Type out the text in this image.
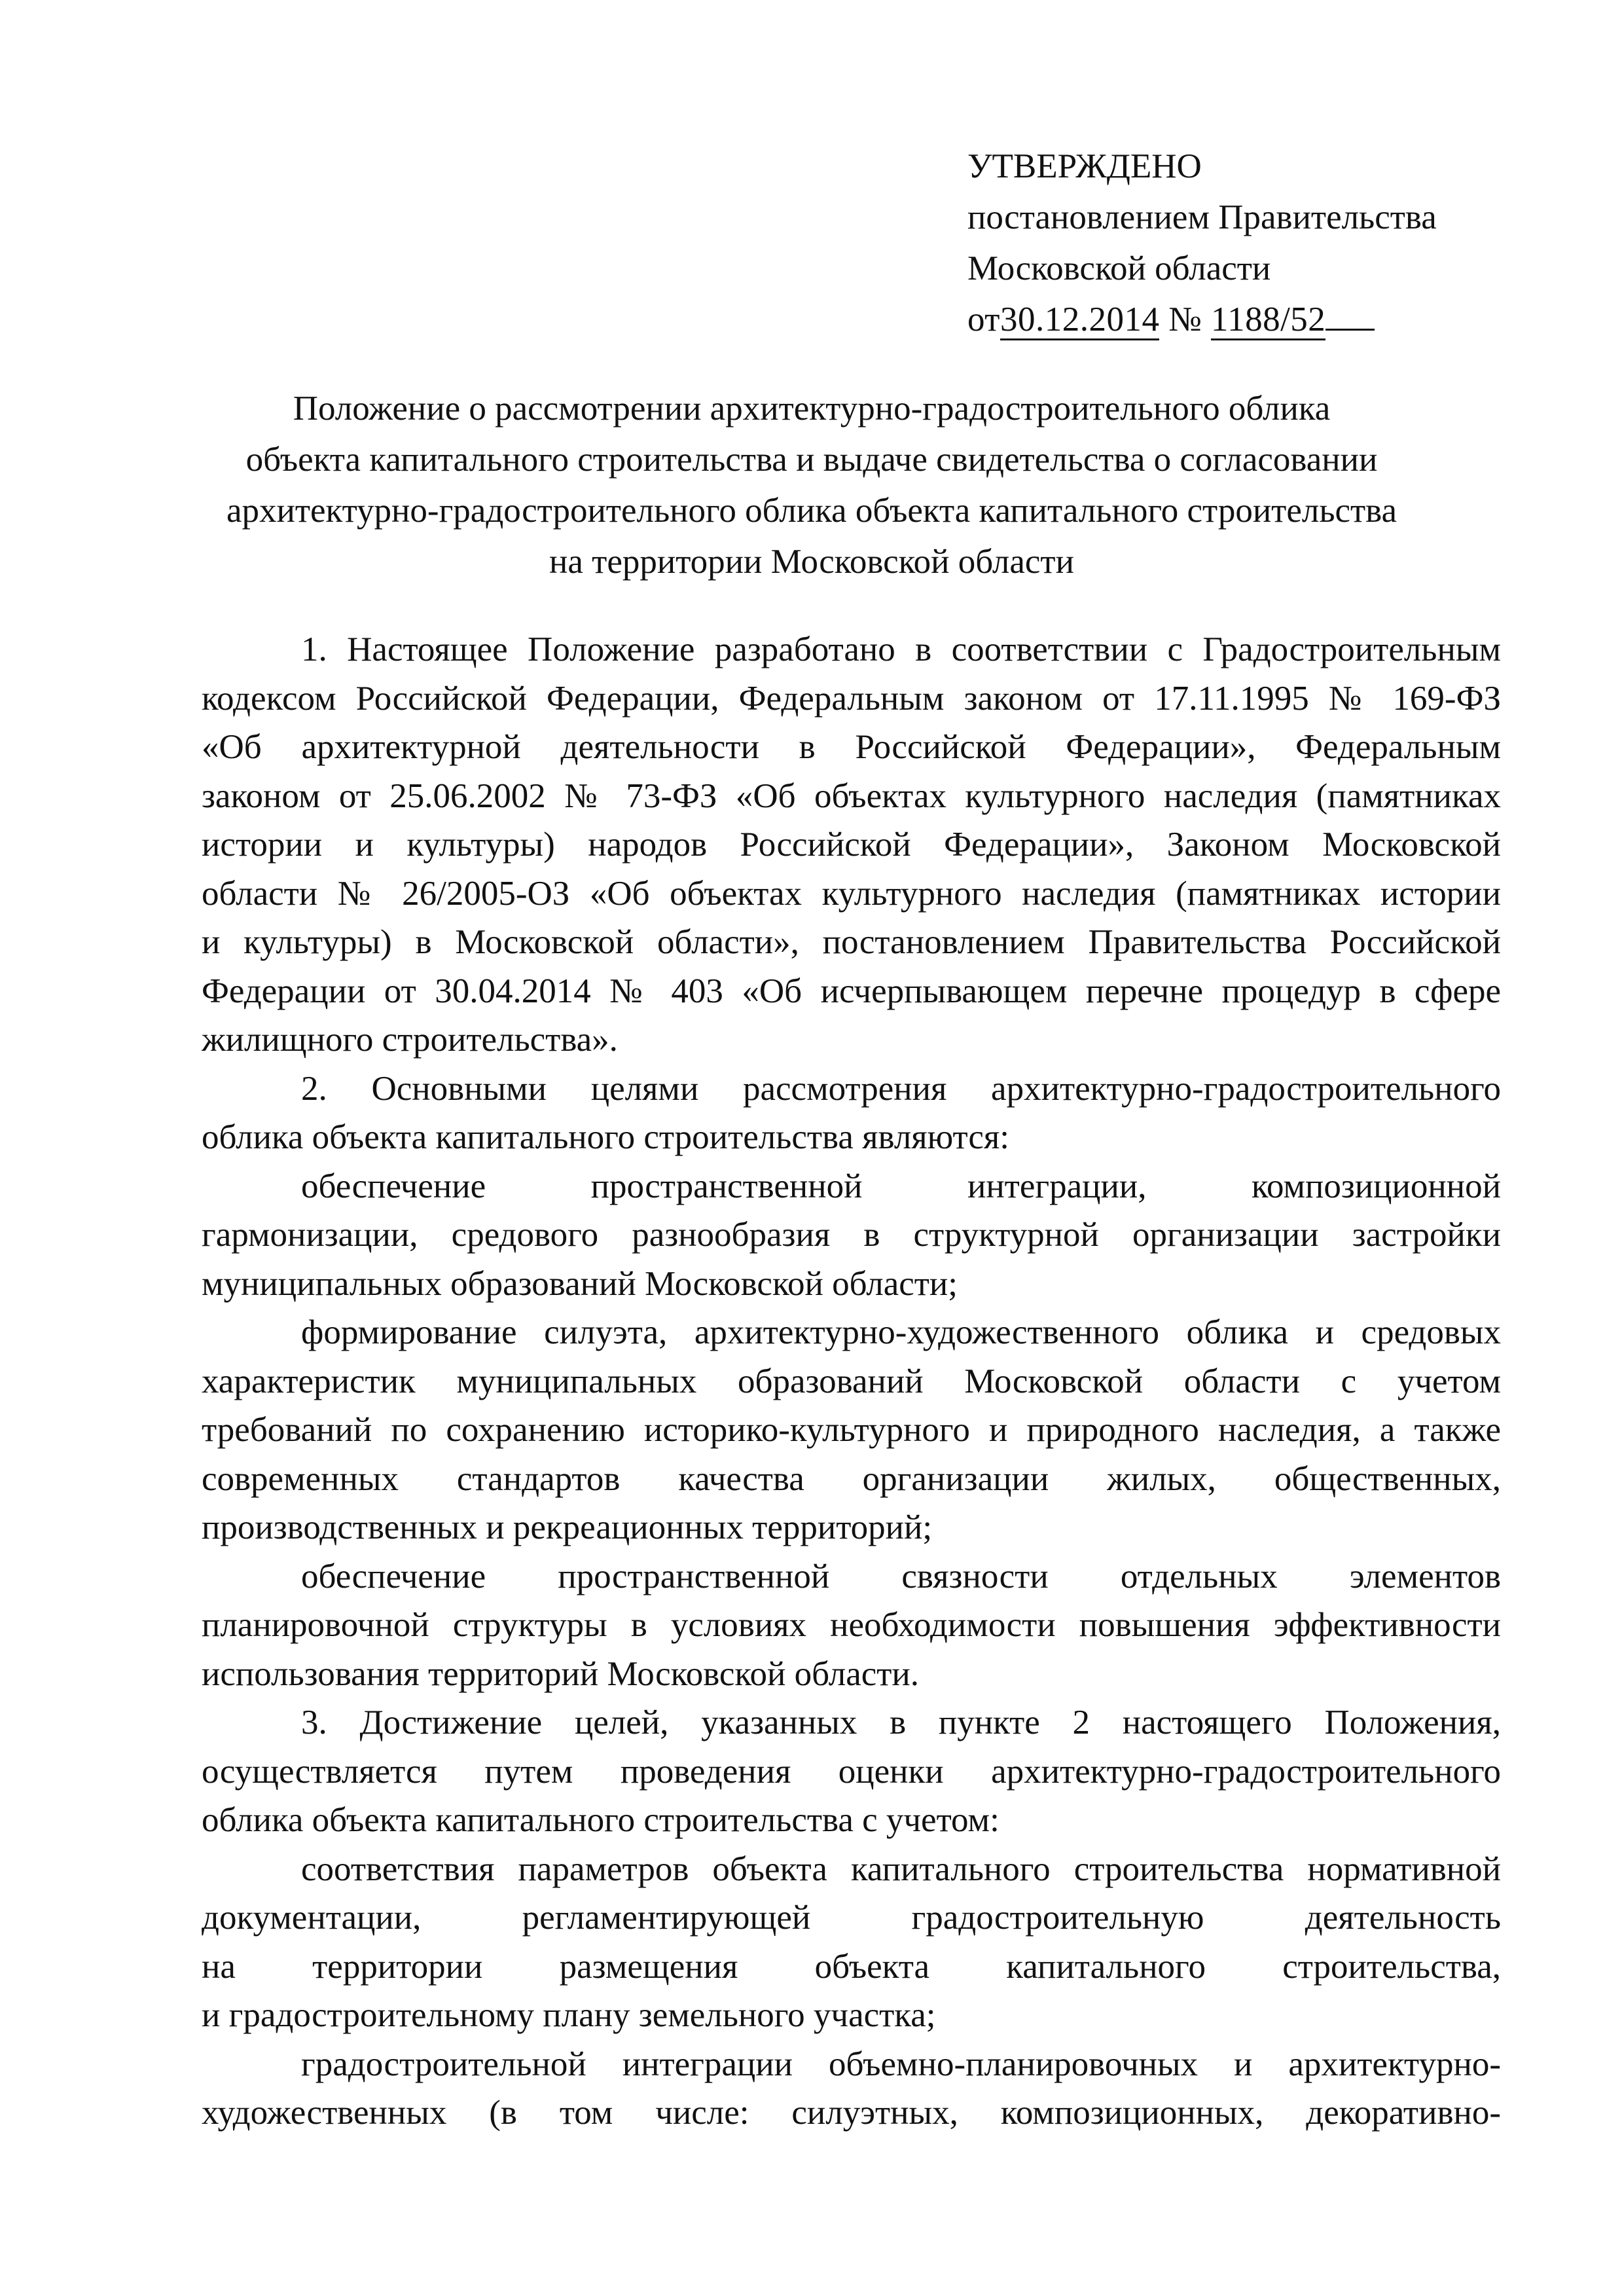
УТВЕРЖДЕНО
постановлением Правительства
Московской области
от30.12.2014 № 1188/52
Положение о рассмотрении архитектурно-градостроительного облика
объекта капитального строительства и выдаче свидетельства о согласовании
архитектурно-градостроительного облика объекта капитального строительства
на территории Московской области
1. Настоящее Положение разработано в соответствии с Градостроительным
кодексом Российской Федерации, Федеральным законом от 17.11.1995 № 169-ФЗ
«Об архитектурной деятельности в Российской Федерации», Федеральным
законом от 25.06.2002 № 73-ФЗ «Об объектах культурного наследия (памятниках
истории и культуры) народов Российской Федерации», Законом Московской
области № 26/2005-ОЗ «Об объектах культурного наследия (памятниках истории
и культуры) в Московской области», постановлением Правительства Российской
Федерации от 30.04.2014 № 403 «Об исчерпывающем перечне процедур в сфере
жилищного строительства».
2. Основными целями рассмотрения архитектурно-градостроительного
облика объекта капитального строительства являются:
обеспечение пространственной интеграции, композиционной
гармонизации, средового разнообразия в структурной организации застройки
муниципальных образований Московской области;
формирование силуэта, архитектурно-художественного облика и средовых
характеристик муниципальных образований Московской области с учетом
требований по сохранению историко-культурного и природного наследия, а также
современных стандартов качества организации жилых, общественных,
производственных и рекреационных территорий;
обеспечение пространственной связности отдельных элементов
планировочной структуры в условиях необходимости повышения эффективности
использования территорий Московской области.
3. Достижение целей, указанных в пункте 2 настоящего Положения,
осуществляется путем проведения оценки архитектурно-градостроительного
облика объекта капитального строительства с учетом:
соответствия параметров объекта капитального строительства нормативной
документации, регламентирующей градостроительную деятельность
на территории размещения объекта капитального строительства,
и градостроительному плану земельного участка;
градостроительной интеграции объемно-планировочных и архитектурно-
художественных (в том числе: силуэтных, композиционных, декоративно-
